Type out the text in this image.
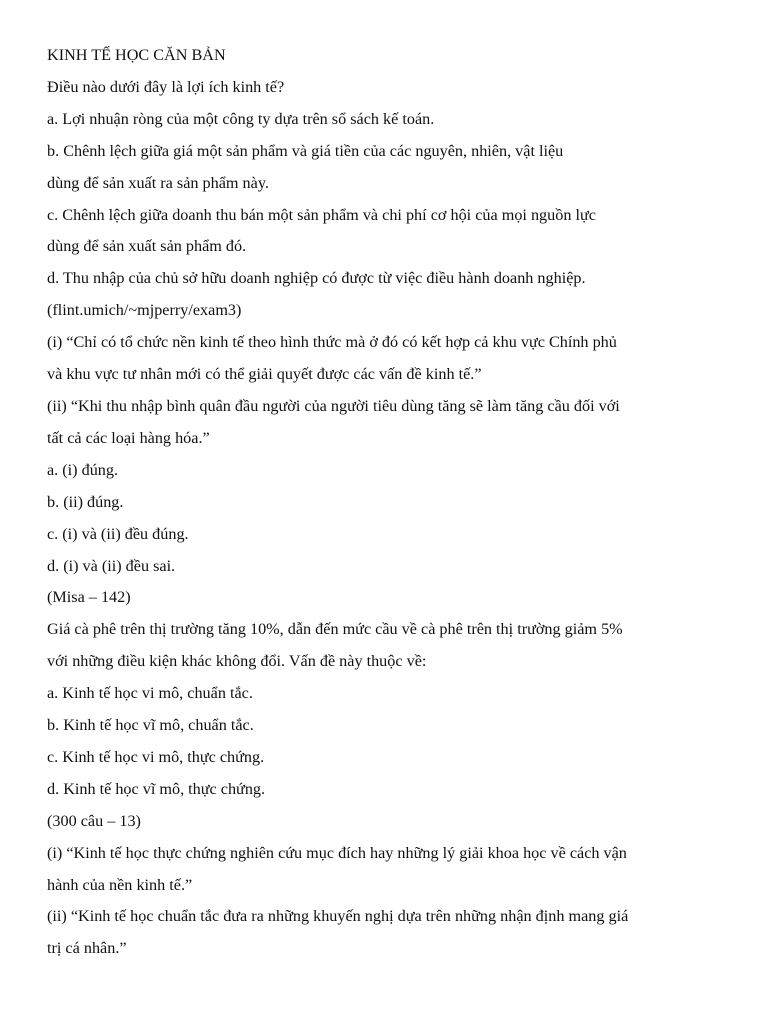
KINH TẾ HỌC CĂN BẢN

Điều nào dưới đây là lợi ích kinh tế?

a. Lợi nhuận ròng của một công ty dựa trên sổ sách kế toán.

b. Chênh lệch giữa giá một sản phẩm và giá tiền của các nguyên, nhiên, vật liệu

dùng để sản xuất ra sản phẩm này.

c. Chênh lệch giữa doanh thu bán một sản phẩm và chi phí cơ hội của mọi nguồn lực

dùng để sản xuất sản phẩm đó.

d. Thu nhập của chủ sở hữu doanh nghiệp có được từ việc điều hành doanh nghiệp.

(flint.umich/~mjperry/exam3)

(i) “Chỉ có tổ chức nền kinh tế theo hình thức mà ở đó có kết hợp cả khu vực Chính phủ

và khu vực tư nhân mới có thể giải quyết được các vấn đề kinh tế.”

(ii) “Khi thu nhập bình quân đầu người của người tiêu dùng tăng sẽ làm tăng cầu đối với

tất cả các loại hàng hóa.”

a. (i) đúng.

b. (ii) đúng.

c. (i) và (ii) đều đúng.

d. (i) và (ii) đều sai.

(Misa – 142)

Giá cà phê trên thị trường tăng 10%, dẫn đến mức cầu về cà phê trên thị trường giảm 5%

với những điều kiện khác không đổi. Vấn đề này thuộc về:

a. Kinh tế học vi mô, chuẩn tắc.

b. Kinh tế học vĩ mô, chuẩn tắc.

c. Kinh tế học vi mô, thực chứng.

d. Kinh tế học vĩ mô, thực chứng.

(300 câu – 13)

(i) “Kinh tế học thực chứng nghiên cứu mục đích hay những lý giải khoa học về cách vận

hành của nền kinh tế.”

(ii) “Kinh tế học chuẩn tắc đưa ra những khuyến nghị dựa trên những nhận định mang giá

trị cá nhân.”
